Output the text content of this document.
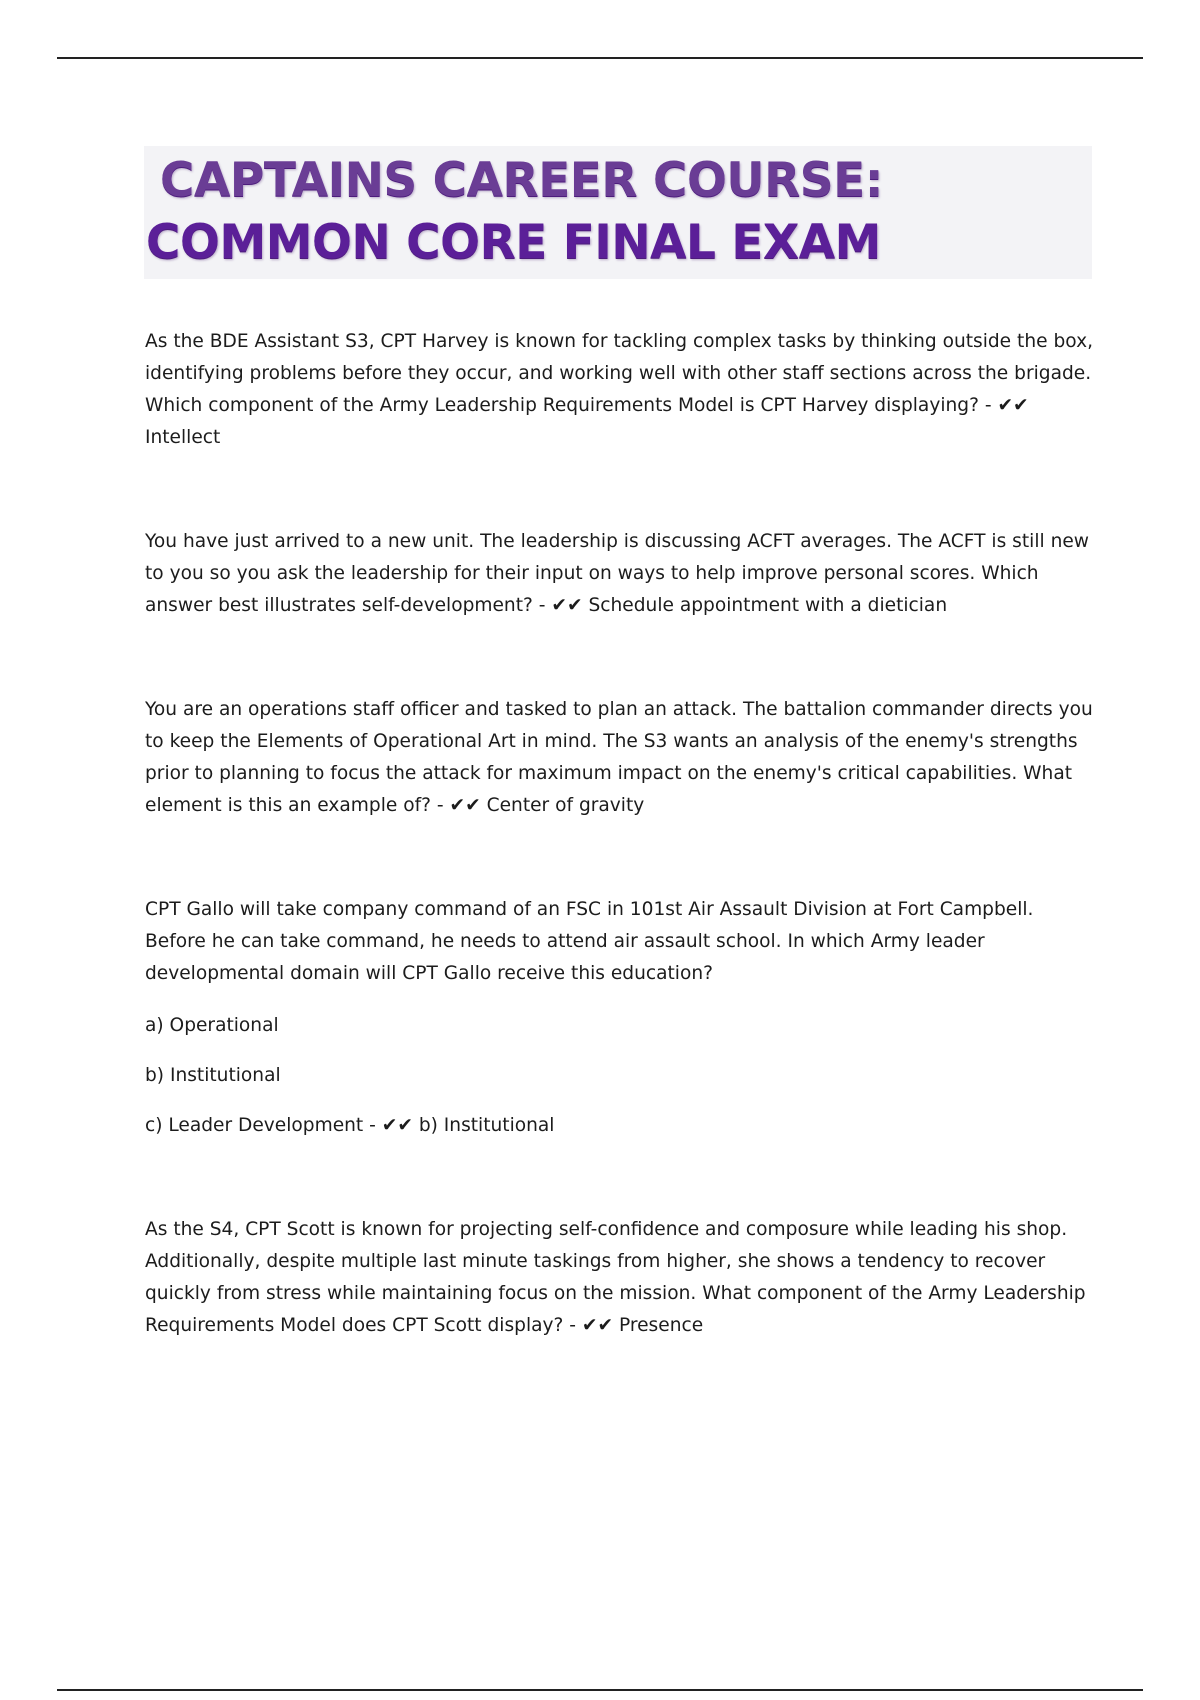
CAPTAINS CAREER COURSE:
COMMON CORE FINAL EXAM

As the BDE Assistant S3, CPT Harvey is known for tackling complex tasks by thinking outside the box, identifying problems before they occur, and working well with other staff sections across the brigade. Which component of the Army Leadership Requirements Model is CPT Harvey displaying? - ✔✔ Intellect

You have just arrived to a new unit. The leadership is discussing ACFT averages. The ACFT is still new to you so you ask the leadership for their input on ways to help improve personal scores. Which answer best illustrates self-development? - ✔✔ Schedule appointment with a dietician

You are an operations staff officer and tasked to plan an attack. The battalion commander directs you to keep the Elements of Operational Art in mind. The S3 wants an analysis of the enemy's strengths prior to planning to focus the attack for maximum impact on the enemy's critical capabilities. What element is this an example of? - ✔✔ Center of gravity

CPT Gallo will take company command of an FSC in 101st Air Assault Division at Fort Campbell. Before he can take command, he needs to attend air assault school. In which Army leader developmental domain will CPT Gallo receive this education?

a) Operational

b) Institutional

c) Leader Development - ✔✔ b) Institutional

As the S4, CPT Scott is known for projecting self-confidence and composure while leading his shop. Additionally, despite multiple last minute taskings from higher, she shows a tendency to recover quickly from stress while maintaining focus on the mission. What component of the Army Leadership Requirements Model does CPT Scott display? - ✔✔ Presence
